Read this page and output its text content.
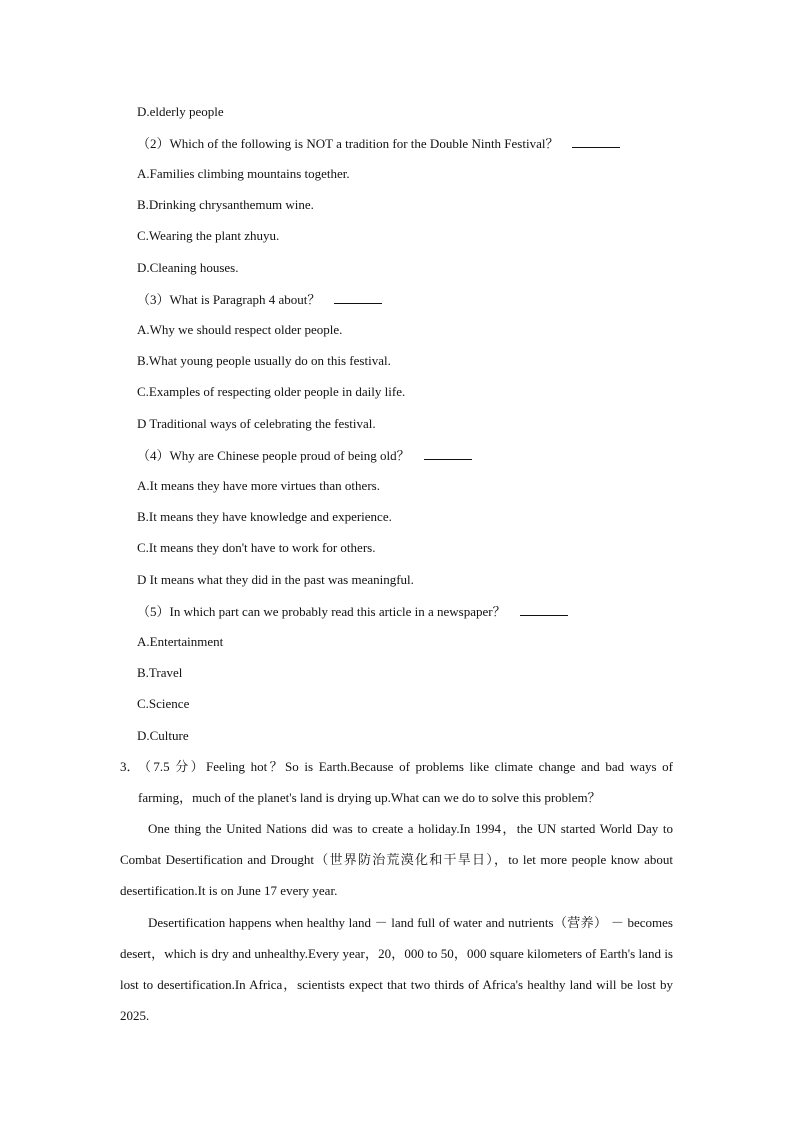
D.elderly people
（2）Which of the following is NOT a tradition for the Double Ninth Festival？
A.Families climbing mountains together.
B.Drinking chrysanthemum wine.
C.Wearing the plant zhuyu.
D.Cleaning houses.
（3）What is Paragraph 4 about？
A.Why we should respect older people.
B.What young people usually do on this festival.
C.Examples of respecting older people in daily life.
D Traditional ways of celebrating the festival.
（4）Why are Chinese people proud of being old？
A.It means they have more virtues than others.
B.It means they have knowledge and experience.
C.It means they don't have to work for others.
D It means what they did in the past was meaningful.
（5）In which part can we probably read this article in a newspaper？
A.Entertainment
B.Travel
C.Science
D.Culture
3．

（7.5 分）Feeling hot？So is Earth.Because of problems like climate change and bad ways of farming，much of the planet's land is drying up.What can we do to solve this problem？

One thing the United Nations did was to create a holiday.In 1994，the UN started World Day to Combat Desertification and Drought（世界防治荒漠化和干旱日），to let more people know about desertification.It is on June 17 every year.
Desertification happens when healthy land － land full of water and nutrients（营养） － becomes desert，which is dry and unhealthy.Every year，20，000 to 50，000 square kilometers of Earth's land is lost to desertification.In Africa，scientists expect that two thirds of Africa's healthy land will be lost by 2025.
